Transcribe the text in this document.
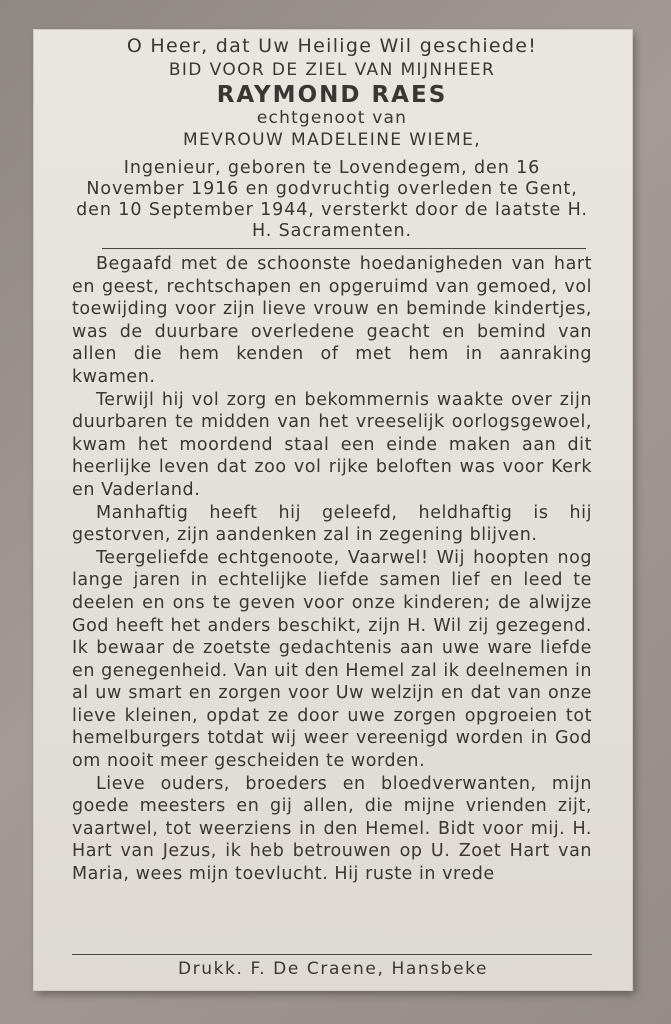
O Heer, dat Uw Heilige Wil geschiede!
BID VOOR DE ZIEL VAN MIJNHEER
RAYMOND RAES
echtgenoot van
MEVROUW MADELEINE WIEME,

Ingenieur, geboren te Lovendegem, den 16 November 1916 en godvruchtig overleden te Gent, den 10 September 1944, versterkt door de laatste H. H. Sacramenten.

Begaafd met de schoonste hoedanigheden van hart en geest, rechtschapen en opgeruimd van gemoed, vol toewijding voor zijn lieve vrouw en beminde kindertjes, was de duurbare overledene geacht en bemind van allen die hem kenden of met hem in aanraking kwamen.

Terwijl hij vol zorg en bekommernis waakte over zijn duurbaren te midden van het vreeselijk oorlogsgewoel, kwam het moordend staal een einde maken aan dit heerlijke leven dat zoo vol rijke beloften was voor Kerk en Vaderland.

Manhaftig heeft hij geleefd, heldhaftig is hij gestorven, zijn aandenken zal in zegening blijven.

Teergeliefde echtgenoote, Vaarwel! Wij hoopten nog lange jaren in echtelijke liefde samen lief en leed te deelen en ons te geven voor onze kinderen; de alwijze God heeft het anders beschikt, zijn H. Wil zij gezegend. Ik bewaar de zoetste gedachtenis aan uwe ware liefde en genegenheid. Van uit den Hemel zal ik deelnemen in al uw smart en zorgen voor Uw welzijn en dat van onze lieve kleinen, opdat ze door uwe zorgen opgroeien tot hemelburgers totdat wij weer vereenigd worden in God om nooit meer gescheiden te worden.

Lieve ouders, broeders en bloedverwanten, mijn goede meesters en gij allen, die mijne vrienden zijt, vaartwel, tot weerziens in den Hemel. Bidt voor mij. H. Hart van Jezus, ik heb betrouwen op U. Zoet Hart van Maria, wees mijn toevlucht. Hij ruste in vrede

Drukk. F. De Craene, Hansbeke
